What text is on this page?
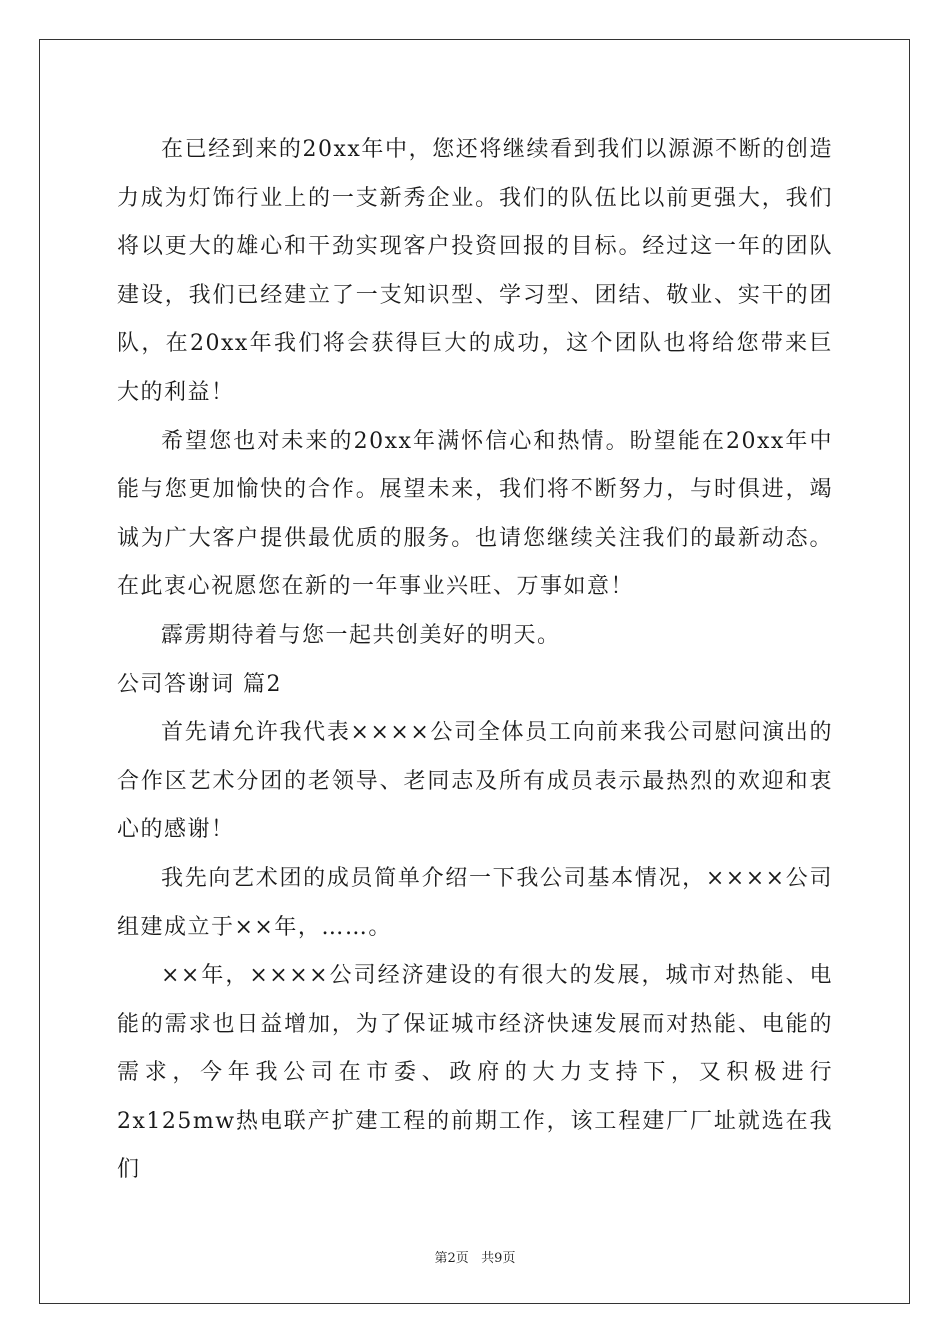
在已经到来的20xx年中，您还将继续看到我们以源源不断的创造力成为灯饰行业上的一支新秀企业。我们的队伍比以前更强大，我们将以更大的雄心和干劲实现客户投资回报的目标。经过这一年的团队建设，我们已经建立了一支知识型、学习型、团结、敬业、实干的团队，在20xx年我们将会获得巨大的成功，这个团队也将给您带来巨大的利益！

希望您也对未来的20xx年满怀信心和热情。盼望能在20xx年中能与您更加愉快的合作。展望未来，我们将不断努力，与时俱进，竭诚为广大客户提供最优质的服务。也请您继续关注我们的最新动态。在此衷心祝愿您在新的一年事业兴旺、万事如意！

霹雳期待着与您一起共创美好的明天。

公司答谢词 篇2

首先请允许我代表××××公司全体员工向前来我公司慰问演出的合作区艺术分团的老领导、老同志及所有成员表示最热烈的欢迎和衷心的感谢！

我先向艺术团的成员简单介绍一下我公司基本情况，××××公司组建成立于××年，……。

××年，××××公司经济建设的有很大的发展，城市对热能、电能的需求也日益增加，为了保证城市经济快速发展而对热能、电能的需求，今年我公司在市委、政府的大力支持下，又积极进行2x125mw热电联产扩建工程的前期工作，该工程建厂厂址就选在我们

第2页   共9页
